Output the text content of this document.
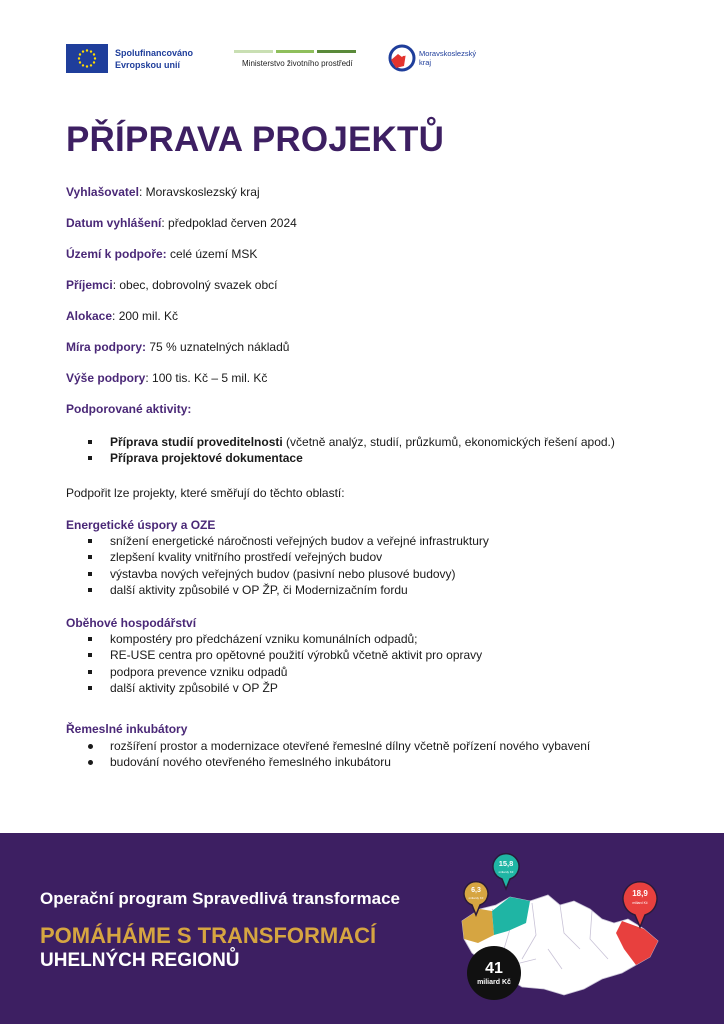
Spolufinancováno
Evropskou unií	Ministerstvo životního prostředí
Moravskoslezský
kraj
PŘÍPRAVA PROJEKTŮ
Vyhlašovatel: Moravskoslezský kraj
Datum vyhlášení: předpoklad červen 2024
Území k podpoře: celé území MSK
Příjemci: obec, dobrovolný svazek obcí
Alokace: 200 mil. Kč
Míra podpory: 75 % uznatelných nákladů
Výše podpory: 100 tis. Kč – 5 mil. Kč
Podporované aktivity:
Příprava studií proveditelnosti (včetně analýz, studií, průzkumů, ekonomických řešení apod.)
Příprava projektové dokumentace
Podpořit lze projekty, které směřují do těchto oblastí:
Energetické úspory a OZE
snížení energetické náročnosti veřejných budov a veřejné infrastruktury
zlepšení kvality vnitřního prostředí veřejných budov
výstavba nových veřejných budov (pasivní nebo plusové budovy)
další aktivity způsobilé v OP ŽP, či Modernizačním fordu
Oběhové hospodářství
kompostéry pro předcházení vzniku komunálních odpadů;
RE-USE centra pro opětovné použití výrobků včetně aktivit pro opravy
podpora prevence vzniku odpadů
další aktivity způsobilé v OP ŽP
Řemeslné inkubátory
rozšíření prostor a modernizace otevřené řemeslné dílny včetně pořízení nového vybavení
budování nového otevřeného řemeslného inkubátoru
Operační program Spravedlivá transformace
POMÁHÁME S TRANSFORMACÍ
UHELNÝCH REGIONŮ
6,3
miliardy Kč
15,8
miliardy Kč
18,9
miliard Kč
41
miliard Kč
